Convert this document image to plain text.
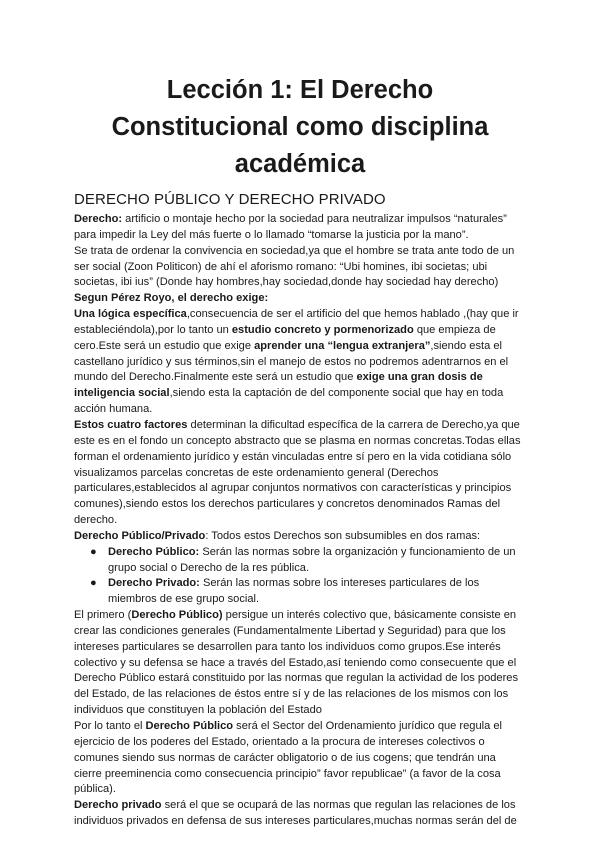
Lección 1: El Derecho
Constitucional como disciplina
académica
DERECHO PÚBLICO Y DERECHO PRIVADO

Derecho: artificio o montaje hecho por la sociedad para neutralizar impulsos “naturales” para impedir la Ley del más fuerte o lo llamado “tomarse la justicia por la mano”.

Se trata de ordenar la convivencia en sociedad,ya que el hombre se trata ante todo de un ser social (Zoon Politicon) de ahí el aforismo romano: “Ubi homines, ibi societas; ubi societas, ibi ius” (Donde hay hombres,hay sociedad,donde hay sociedad hay derecho)

Segun Pérez Royo, el derecho exige:

Una lógica específica,consecuencia de ser el artificio del que hemos hablado ,(hay que ir estableciéndola),por lo tanto un estudio concreto y pormenorizado que empieza de cero.Este será un estudio que exige aprender una “lengua extranjera”,siendo esta el castellano jurídico y sus términos,sin el manejo de estos no podremos adentrarnos en el mundo del Derecho.Finalmente este será un estudio que exige una gran dosis de inteligencia social,siendo esta la captación de del componente social que hay en toda acción humana.

Estos cuatro factores determinan la dificultad específica de la carrera de Derecho,ya que este es en el fondo un concepto abstracto que se plasma en normas concretas.Todas ellas forman el ordenamiento jurídico y están vinculadas entre sí pero en la vida cotidiana sólo visualizamos parcelas concretas de este ordenamiento general (Derechos particulares,establecidos al agrupar conjuntos normativos con características y principios comunes),siendo estos los derechos particulares y concretos denominados Ramas del derecho.

Derecho Público/Privado: Todos estos Derechos son subsumibles en dos ramas:

● Derecho Público: Serán las normas sobre la organización y funcionamiento de un grupo social o Derecho de la res pública.
● Derecho Privado: Serán las normas sobre los intereses particulares de los miembros de ese grupo social.

El primero (Derecho Público) persigue un interés colectivo que, básicamente consiste en crear las condiciones generales (Fundamentalmente Libertad y Seguridad) para que los intereses particulares se desarrollen para tanto los individuos como grupos.Ese interés colectivo y su defensa se hace a través del Estado,así teniendo como consecuente que el Derecho Público estará constituido por las normas que regulan la actividad de los poderes del Estado, de las relaciones de éstos entre sí y de las relaciones de los mismos con los individuos que constituyen la población del Estado

Por lo tanto el Derecho Público será el Sector del Ordenamiento jurídico que regula el ejercicio de los poderes del Estado, orientado a la procura de intereses colectivos o comunes siendo sus normas de carácter obligatorio o de ius cogens; que tendrán una cierre preeminencia como consecuencia principio” favor republicae” (a favor de la cosa pública).

Derecho privado será el que se ocupará de las normas que regulan las relaciones de los individuos privados en defensa de sus intereses particulares,muchas normas serán del de
